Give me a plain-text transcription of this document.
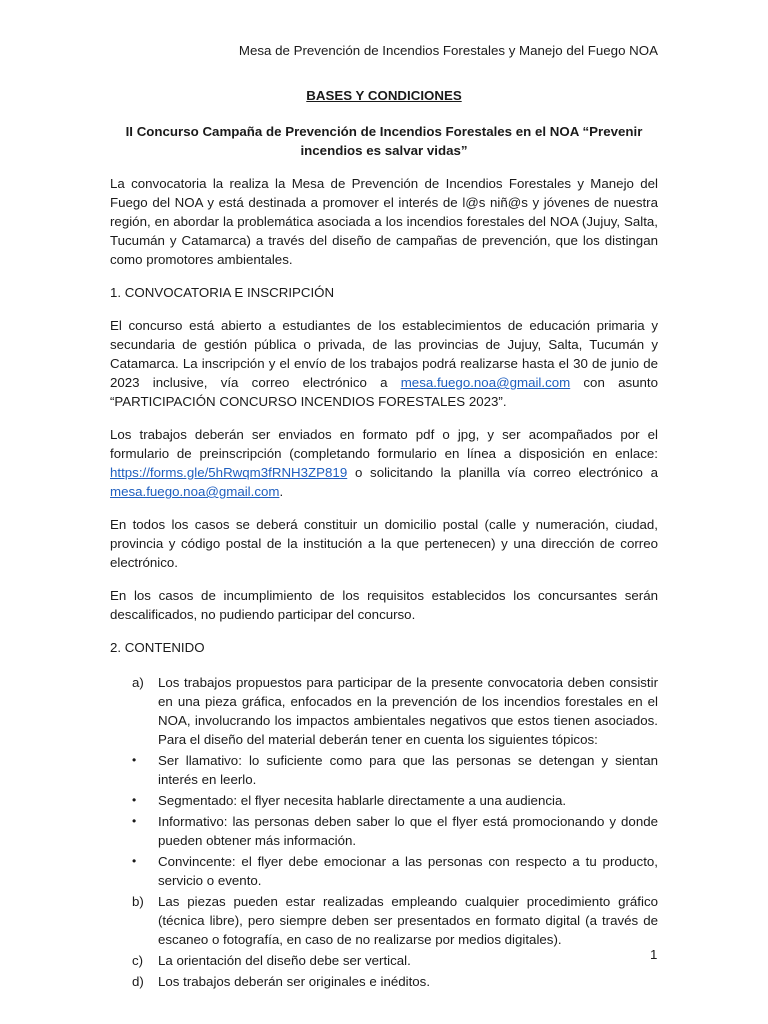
Mesa de Prevención de Incendios Forestales y Manejo del Fuego NOA

BASES Y CONDICIONES

II Concurso Campaña de Prevención de Incendios Forestales en el NOA “Prevenir incendios es salvar vidas”

La convocatoria la realiza la Mesa de Prevención de Incendios Forestales y Manejo del Fuego del NOA y está destinada a promover el interés de l@s niñ@s y jóvenes de nuestra región, en abordar la problemática asociada a los incendios forestales del NOA (Jujuy, Salta, Tucumán y Catamarca) a través del diseño de campañas de prevención, que los distingan como promotores ambientales.

1. CONVOCATORIA E INSCRIPCIÓN

El concurso está abierto a estudiantes de los establecimientos de educación primaria y secundaria de gestión pública o privada, de las provincias de Jujuy, Salta, Tucumán y Catamarca. La inscripción y el envío de los trabajos podrá realizarse hasta el 30 de junio de 2023 inclusive, vía correo electrónico a mesa.fuego.noa@gmail.com con asunto “PARTICIPACIÓN CONCURSO INCENDIOS FORESTALES 2023”.

Los trabajos deberán ser enviados en formato pdf o jpg, y ser acompañados por el formulario de preinscripción (completando formulario en línea a disposición en enlace: https://forms.gle/5hRwqm3fRNH3ZP819 o solicitando la planilla vía correo electrónico a mesa.fuego.noa@gmail.com.

En todos los casos se deberá constituir un domicilio postal (calle y numeración, ciudad, provincia y código postal de la institución a la que pertenecen) y una dirección de correo electrónico.

En los casos de incumplimiento de los requisitos establecidos los concursantes serán descalificados, no pudiendo participar del concurso.

2. CONTENIDO

a) Los trabajos propuestos para participar de la presente convocatoria deben consistir en una pieza gráfica, enfocados en la prevención de los incendios forestales en el NOA, involucrando los impactos ambientales negativos que estos tienen asociados. Para el diseño del material deberán tener en cuenta los siguientes tópicos:
• Ser llamativo: lo suficiente como para que las personas se detengan y sientan interés en leerlo.
• Segmentado: el flyer necesita hablarle directamente a una audiencia.
• Informativo: las personas deben saber lo que el flyer está promocionando y donde pueden obtener más información.
• Convincente: el flyer debe emocionar a las personas con respecto a tu producto, servicio o evento.
b) Las piezas pueden estar realizadas empleando cualquier procedimiento gráfico (técnica libre), pero siempre deben ser presentados en formato digital (a través de escaneo o fotografía, en caso de no realizarse por medios digitales).
c) La orientación del diseño debe ser vertical.
d) Los trabajos deberán ser originales e inéditos.
1
